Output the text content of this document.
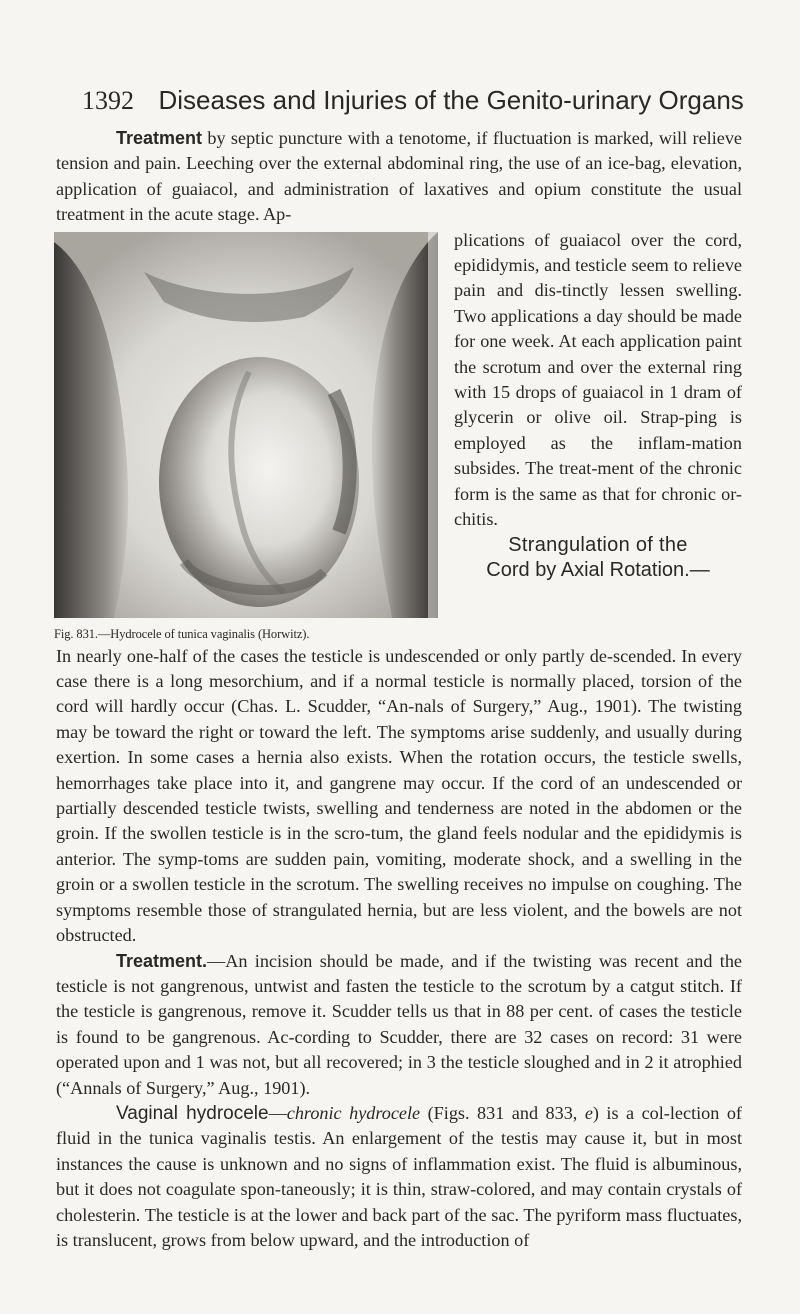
1392 Diseases and Injuries of the Genito-urinary Organs

Treatment by septic puncture with a tenotome, if fluctuation is marked, will relieve tension and pain. Leeching over the external abdominal ring, the use of an ice-bag, elevation, application of guaiacol, and administration of laxatives and opium constitute the usual treatment in the acute stage. Ap-

Fig. 831.—Hydrocele of tunica vaginalis (Horwitz).

plications of guaiacol over the cord, epididymis, and testicle seem to relieve pain and dis-tinctly lessen swelling. Two applications a day should be made for one week. At each application paint the scrotum and over the external ring with 15 drops of guaiacol in 1 dram of glycerin or olive oil. Strap-ping is employed as the inflam-mation subsides. The treat-ment of the chronic form is the same as that for chronic or-chitis.

Strangulation of the
Cord by Axial Rotation.—

In nearly one-half of the cases the testicle is undescended or only partly de-scended. In every case there is a long mesorchium, and if a normal testicle is normally placed, torsion of the cord will hardly occur (Chas. L. Scudder, “An-nals of Surgery,” Aug., 1901). The twisting may be toward the right or toward the left. The symptoms arise suddenly, and usually during exertion. In some cases a hernia also exists. When the rotation occurs, the testicle swells, hemorrhages take place into it, and gangrene may occur. If the cord of an undescended or partially descended testicle twists, swelling and tenderness are noted in the abdomen or the groin. If the swollen testicle is in the scro-tum, the gland feels nodular and the epididymis is anterior. The symp-toms are sudden pain, vomiting, moderate shock, and a swelling in the groin or a swollen testicle in the scrotum. The swelling receives no impulse on coughing. The symptoms resemble those of strangulated hernia, but are less violent, and the bowels are not obstructed.

Treatment.—An incision should be made, and if the twisting was recent and the testicle is not gangrenous, untwist and fasten the testicle to the scrotum by a catgut stitch. If the testicle is gangrenous, remove it. Scudder tells us that in 88 per cent. of cases the testicle is found to be gangrenous. Ac-cording to Scudder, there are 32 cases on record: 31 were operated upon and 1 was not, but all recovered; in 3 the testicle sloughed and in 2 it atrophied (“Annals of Surgery,” Aug., 1901).

Vaginal hydrocele—chronic hydrocele (Figs. 831 and 833, e) is a col-lection of fluid in the tunica vaginalis testis. An enlargement of the testis may cause it, but in most instances the cause is unknown and no signs of inflammation exist. The fluid is albuminous, but it does not coagulate spon-taneously; it is thin, straw-colored, and may contain crystals of cholesterin. The testicle is at the lower and back part of the sac. The pyriform mass fluctuates, is translucent, grows from below upward, and the introduction of
